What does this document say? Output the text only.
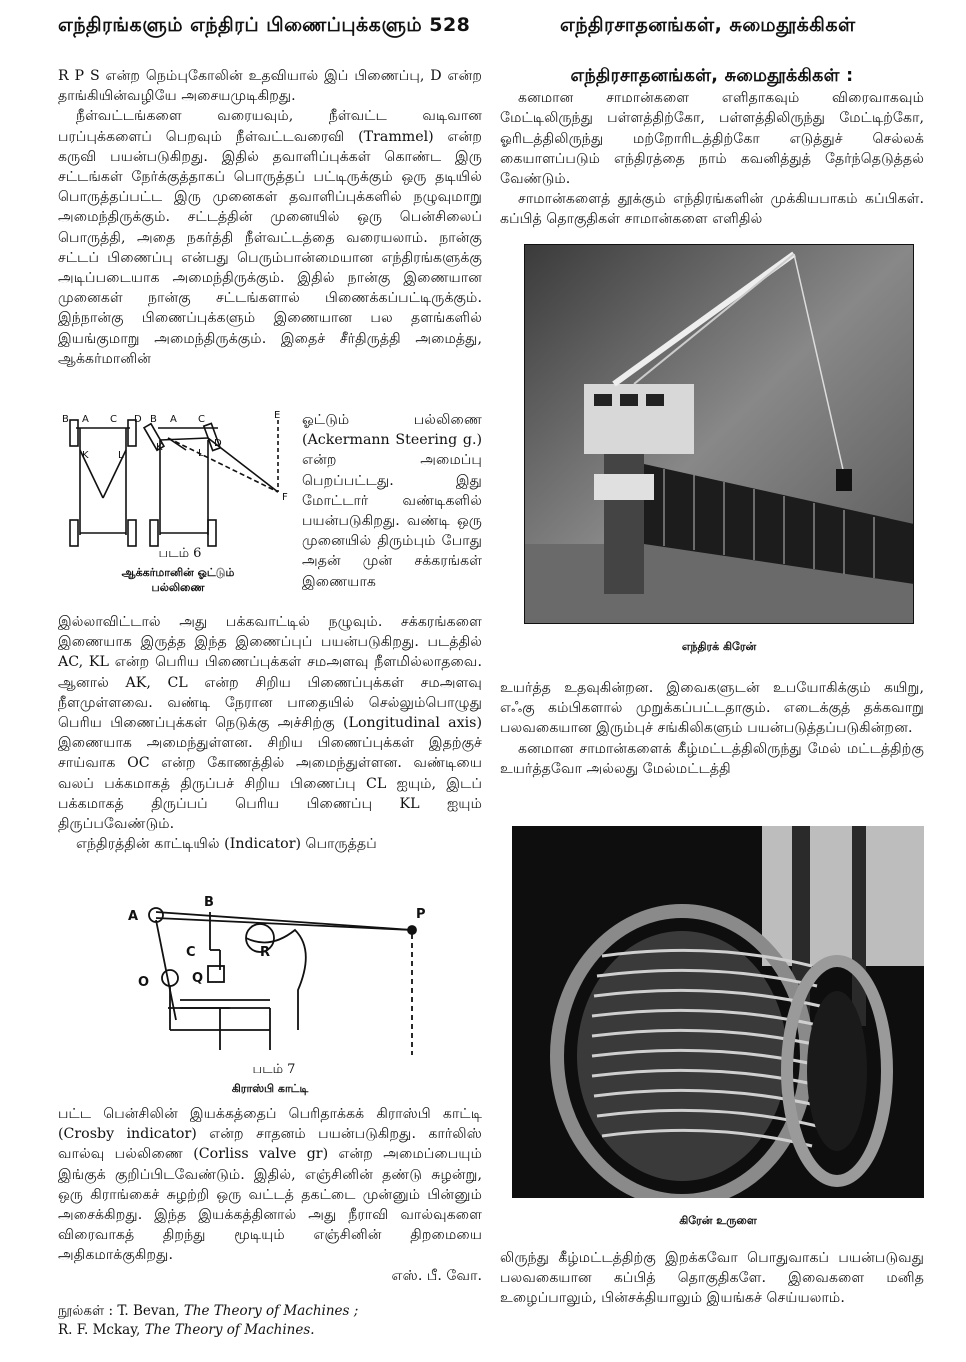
எந்திரங்களும் எந்திரப் பிணைப்புக்களும் 528	எந்திரசாதனங்கள், சுமைதூக்கிகள்

R P S என்ற நெம்புகோலின் உதவியால் இப் பிணைப்பு, D என்ற தாங்கியின்வழியே அசையமுடிகிறது.

நீள்வட்டங்களை வரையவும், நீள்வட்ட வடிவான பரப்புக்களைப் பெறவும் நீள்வட்டவரைவி (Trammel) என்ற கருவி பயன்படுகிறது. இதில் தவாளிப்புக்கள் கொண்ட இரு சட்டங்கள் நேர்க்குத்தாகப் பொருத்தப் பட்டிருக்கும் ஒரு தடியில் பொருத்தப்பட்ட இரு முனைகள் தவாளிப்புக்களில் நழுவுமாறு அமைந்திருக்கும். சட்டத்தின் முனையில் ஒரு பென்சிலைப் பொருத்தி, அதை நகர்த்தி நீள்வட்டத்தை வரையலாம். நான்கு சட்டப் பிணைப்பு என்பது பெரும்பான்மையான எந்திரங்களுக்கு அடிப்படையாக அமைந்திருக்கும். இதில் நான்கு இணையான முனைகள் நான்கு சட்டங்களால் பிணைக்கப்பட்டிருக்கும். இந்நான்கு பிணைப்புக்களும் இணையான பல தளங்களில் இயங்குமாறு அமைந்திருக்கும். இதைச் சீர்திருத்தி அமைத்து, ஆக்கர்மானின்

B A C D
K	L
B A C
D
K
L
E
F
படம் 6
ஆக்கர்மானின் ஓட்டும்
பல்லிணை
ஓட்டும் பல்லிணை (Ackermann Steering g.) என்ற அமைப்பு பெறப்பட்டது. இது மோட்டார் வண்டிகளில் பயன்படுகிறது. வண்டி ஒரு முனையில் திரும்பும் போது அதன் முன் சக்கரங்கள் இணையாக

இல்லாவிட்டால் அது பக்கவாட்டில் நழுவும். சக்கரங்களை இணையாக இருத்த இந்த இணைப்புப் பயன்படுகிறது. படத்தில் AC, KL என்ற பெரிய பிணைப்புக்கள் சமஅளவு நீளமில்லாதவை. ஆனால் AK, CL என்ற சிறிய பிணைப்புக்கள் சமஅளவு நீளமுள்ளவை. வண்டி நேரான பாதையில் செல்லும்பொழுது பெரிய பிணைப்புக்கள் நெடுக்கு அச்சிற்கு (Longitudinal axis) இணையாக அமைந்துள்ளன. சிறிய பிணைப்புக்கள் இதற்குச் சாய்வாக OC என்ற கோணத்தில் அமைந்துள்ளன. வண்டியை வலப் பக்கமாகத் திருப்பச் சிறிய பிணைப்பு CL ஐயும், இடப் பக்கமாகத் திருப்பப் பெரிய பிணைப்பு KL ஐயும் திருப்பவேண்டும்.

எந்திரத்தின் காட்டியில் (Indicator) பொருத்தப்

A
B
C
O	Q
R
P
படம் 7
கிராஸ்பி காட்டி

பட்ட பென்சிலின் இயக்கத்தைப் பெரிதாக்கக் கிராஸ்பி காட்டி (Crosby indicator) என்ற சாதனம் பயன்படுகிறது. கார்லிஸ் வால்வு பல்லிணை (Corliss valve gr) என்ற அமைப்பையும் இங்குக் குறிப்பிடவேண்டும். இதில், எஞ்சினின் தண்டு சுழன்று, ஒரு கிராங்கைச் சுழற்றி ஒரு வட்டத் தகட்டை முன்னும் பின்னும் அசைக்கிறது. இந்த இயக்கத்தினால் அது நீராவி வால்வுகளை விரைவாகத் திறந்து மூடியும் எஞ்சினின் திறமையை அதிகமாக்குகிறது.

எஸ். பீ. வோ.

நூல்கள் : T. Bevan, The Theory of Machines ;
R. F. Mckay, The Theory of Machines.
எந்திரசாதனங்கள், சுமைதூக்கிகள் :

கனமான சாமான்களை எளிதாகவும் விரைவாகவும் மேட்டிலிருந்து பள்ளத்திற்கோ, பள்ளத்திலிருந்து மேட்டிற்கோ, ஓரிடத்திலிருந்து மற்றோரிடத்திற்கோ எடுத்துச் செல்லக் கையாளப்படும் எந்திரத்தை நாம் கவனித்துத் தேர்ந்தெடுத்தல் வேண்டும்.

சாமான்களைத் தூக்கும் எந்திரங்களின் முக்கியபாகம் கப்பிகள். கப்பித் தொகுதிகள் சாமான்களை எளிதில்

எந்திரக் கிரேன்

உயர்த்த உதவுகின்றன. இவைகளுடன் உபயோகிக்கும் கயிறு, எஃகு கம்பிகளால் முறுக்கப்பட்டதாகும். எடைக்குத் தக்கவாறு பலவகையான இரும்புச் சங்கிலிகளும் பயன்படுத்தப்படுகின்றன.

கனமான சாமான்களைக் கீழ்மட்டத்திலிருந்து மேல் மட்டத்திற்கு உயர்த்தவோ அல்லது மேல்மட்டத்தி

கிரேன் உருளை

லிருந்து கீழ்மட்டத்திற்கு இறக்கவோ பொதுவாகப் பயன்படுவது பலவகையான கப்பித் தொகுதிகளே. இவைகளை மனித உழைப்பாலும், பின்சக்தியாலும் இயங்கச் செய்யலாம்.
